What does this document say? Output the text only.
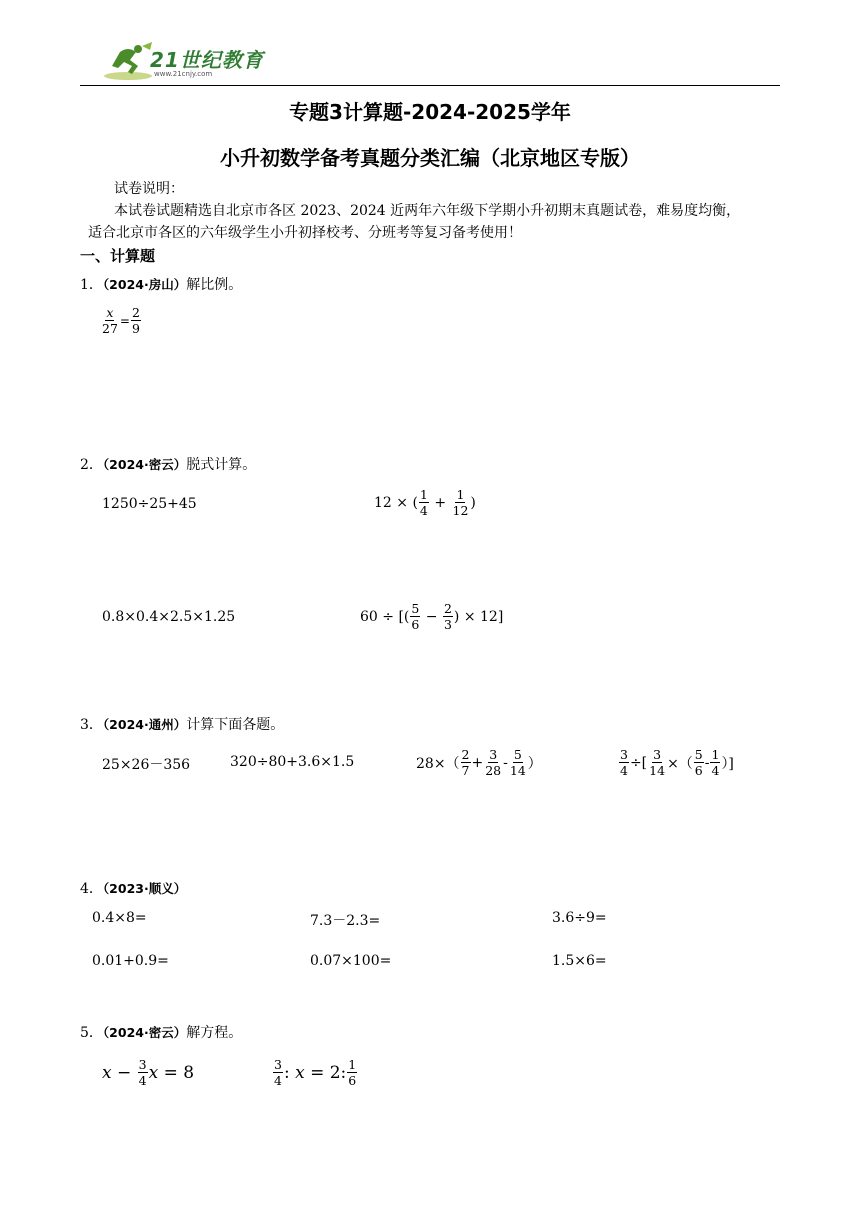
21世纪教育
www.21cnjy.com
专题3计算题-2024-2025学年
小升初数学备考真题分类汇编（北京地区专版）
试卷说明：
本试卷试题精选自北京市各区 2023、2024 近两年六年级下学期小升初期末真题试卷，难易度均衡，
适合北京市各区的六年级学生小升初择校考、分班考等复习备考使用！
一、计算题
1．（2024·房山）解比例。
$\frac{x}{27} = \frac{2}{9}$
2．（2024·密云）脱式计算。
1250÷25+45	12 × ( $\frac{1}{4} + \frac{1}{12}$ )
0.8×0.4×2.5×1.25	60 ÷ [( $\frac{5}{6} - \frac{2}{3}$ ) × 12]
3．（2024·通州）计算下面各题。
25×26－356	320÷80+3.6×1.5	$28\times( \frac{2}{7} + \frac{3}{28} - \frac{5}{14}$ ）	$\frac{3}{4}$ ÷[ $\frac{3}{14}$ ×（ $\frac{5}{6} - \frac{1}{4}$ ）]
4．（2023·顺义）
0.4×8=	7.3－2.3=	3.6÷9=
0.01+0.9=	0.07×100=	1.5×6=
5．（2024·密云）解方程。
$x - \frac{3}{4}$ x = 8	$\frac{3}{4}$ : x = 2: $\frac{1}{6}$
